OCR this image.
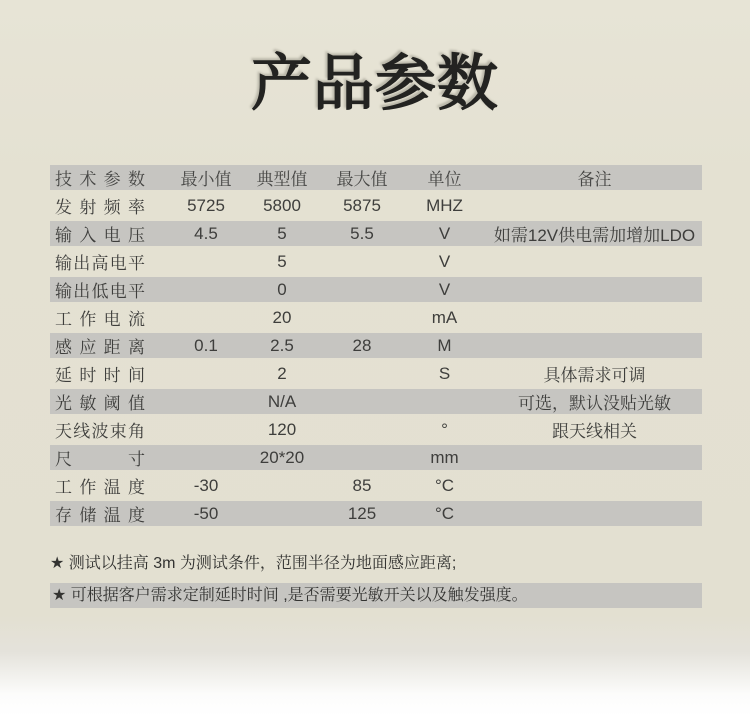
产品参数
技术参数	最小值	典型值	最大值	单位	备注
发射频率	5725	5800	5875	MHZ	
输入电压	4.5	5	5.5	V	如需12V供电需加增加LDO
输出高电平		5		V	
输出低电平		0		V	
工作电流		20		mA	
感应距离	0.1	2.5	28	M	
延时时间		2		S	具体需求可调
光敏阈值		N/A			可选，默认没贴光敏
天线波束角		120		°	跟天线相关
尺寸		20*20		mm	
工作温度	-30		85	°C	
存储温度	-50		125	°C	
★ 测试以挂高 3m 为测试条件，范围半径为地面感应距离;
★ 可根据客户需求定制延时时间 ,是否需要光敏开关以及触发强度。
